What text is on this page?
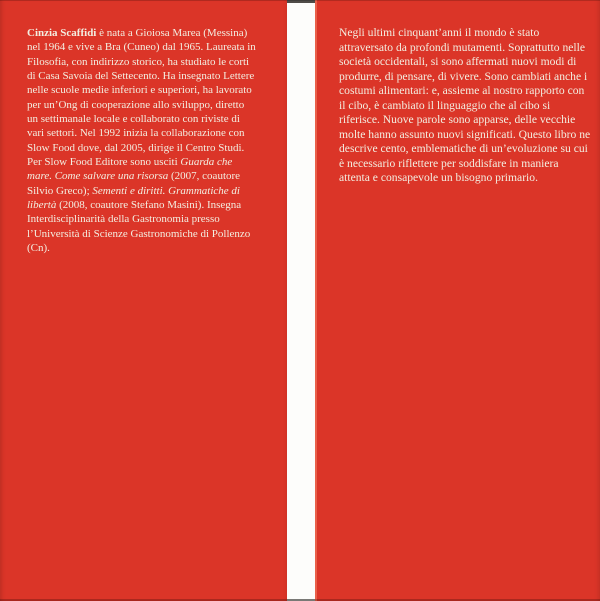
Cinzia Scaffidi è nata a Gioiosa Marea (Messina) nel 1964 e vive a Bra (Cuneo) dal 1965. Laureata in Filosofia, con indirizzo storico, ha studiato le corti di Casa Savoia del Settecento. Ha insegnato Lettere nelle scuole medie inferiori e superiori, ha lavorato per un’Ong di cooperazione allo sviluppo, diretto un settimanale locale e collaborato con riviste di vari settori. Nel 1992 inizia la collaborazione con Slow Food dove, dal 2005, dirige il Centro Studi. Per Slow Food Editore sono usciti Guarda che mare. Come salvare una risorsa (2007, coautore Silvio Greco); Sementi e diritti. Grammatiche di libertà (2008, coautore Stefano Masini). Insegna Interdisciplinarità della Gastronomia presso l’Università di Scienze Gastronomiche di Pollenzo (Cn).

Negli ultimi cinquant’anni il mondo è stato attraversato da profondi mutamenti. Soprattutto nelle società occidentali, si sono affermati nuovi modi di produrre, di pensare, di vivere. Sono cambiati anche i costumi alimentari: e, assieme al nostro rapporto con il cibo, è cambiato il linguaggio che al cibo si riferisce. Nuove parole sono apparse, delle vecchie molte hanno assunto nuovi significati. Questo libro ne descrive cento, emblematiche di un’evoluzione su cui è necessario riflettere per soddisfare in maniera attenta e consapevole un bisogno primario.
